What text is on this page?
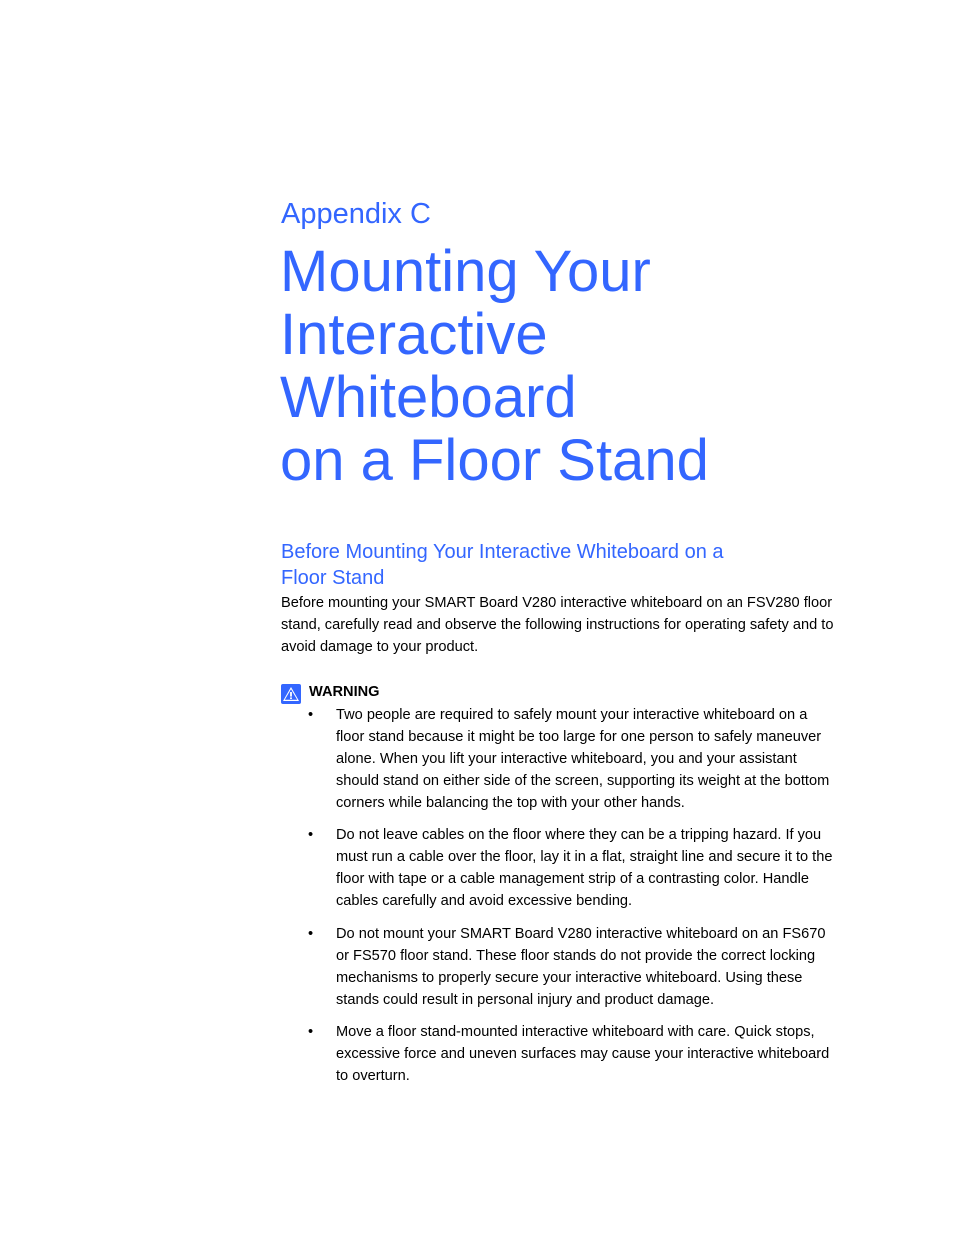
Appendix C
Mounting Your
Interactive
Whiteboard
on a Floor Stand
Before Mounting Your Interactive Whiteboard on a
Floor Stand

Before mounting your SMART Board V280 interactive whiteboard on an FSV280 floor
stand, carefully read and observe the following instructions for operating safety and to
avoid damage to your product.

WARNING
• Two people are required to safely mount your interactive whiteboard on a
floor stand because it might be too large for one person to safely maneuver
alone. When you lift your interactive whiteboard, you and your assistant
should stand on either side of the screen, supporting its weight at the bottom
corners while balancing the top with your other hands.
• Do not leave cables on the floor where they can be a tripping hazard. If you
must run a cable over the floor, lay it in a flat, straight line and secure it to the
floor with tape or a cable management strip of a contrasting color. Handle
cables carefully and avoid excessive bending.
• Do not mount your SMART Board V280 interactive whiteboard on an FS670
or FS570 floor stand. These floor stands do not provide the correct locking
mechanisms to properly secure your interactive whiteboard. Using these
stands could result in personal injury and product damage.
• Move a floor stand-mounted interactive whiteboard with care. Quick stops,
excessive force and uneven surfaces may cause your interactive whiteboard
to overturn.
